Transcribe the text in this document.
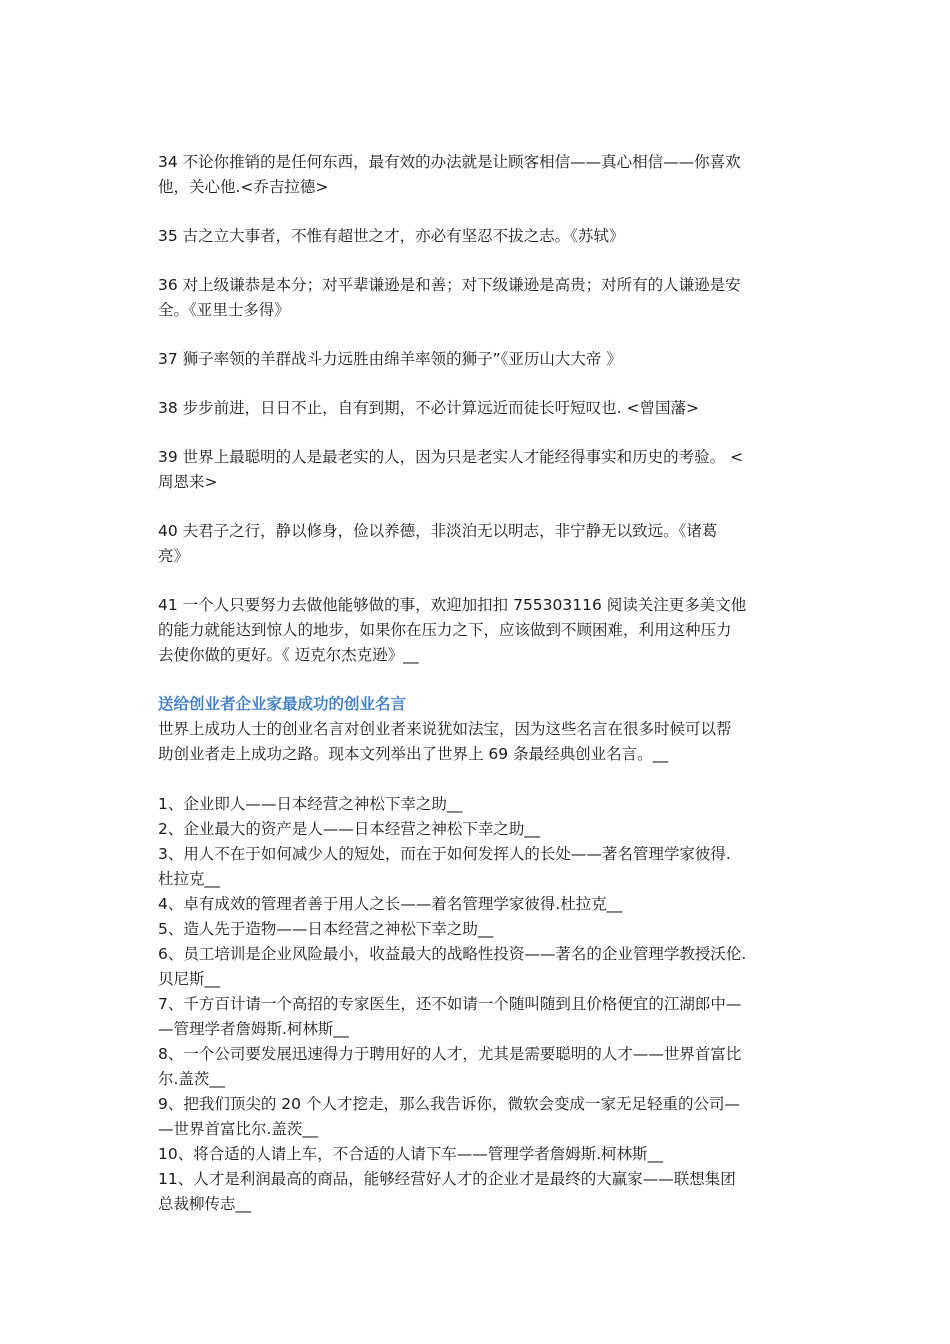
34 不论你推销的是任何东西，最有效的办法就是让顾客相信——真心相信——你喜欢
他，关心他.<乔吉拉德>

35 古之立大事者，不惟有超世之才，亦必有坚忍不拔之志。《苏轼》

36 对上级谦恭是本分；对平辈谦逊是和善；对下级谦逊是高贵；对所有的人谦逊是安
全。《亚里士多得》

37 狮子率领的羊群战斗力远胜由绵羊率领的狮子”《亚历山大大帝 》

38 步步前进，日日不止，自有到期，不必计算远近而徒长吁短叹也. <曾国藩>

39 世界上最聪明的人是最老实的人，因为只是老实人才能经得事实和历史的考验。 <
周恩来>

40 夫君子之行，静以修身，俭以养德，非淡泊无以明志，非宁静无以致远。《诸葛
亮》

41 一个人只要努力去做他能够做的事，欢迎加扣扣 755303116 阅读关注更多美文他
的能力就能达到惊人的地步，如果你在压力之下，应该做到不顾困难，利用这种压力
去使你做的更好。《 迈克尔杰克逊》__

送给创业者企业家最成功的创业名言

世界上成功人士的创业名言对创业者来说犹如法宝，因为这些名言在很多时候可以帮
助创业者走上成功之路。现本文列举出了世界上 69 条最经典创业名言。__

1、企业即人——日本经营之神松下幸之助__

2、企业最大的资产是人——日本经营之神松下幸之助__

3、用人不在于如何减少人的短处，而在于如何发挥人的长处——著名管理学家彼得.
杜拉克__

4、卓有成效的管理者善于用人之长——着名管理学家彼得.杜拉克__

5、造人先于造物——日本经营之神松下幸之助__

6、员工培训是企业风险最小，收益最大的战略性投资——著名的企业管理学教授沃伦.
贝尼斯__

7、千方百计请一个高招的专家医生，还不如请一个随叫随到且价格便宜的江湖郎中—
—管理学者詹姆斯.柯林斯__

8、一个公司要发展迅速得力于聘用好的人才，尤其是需要聪明的人才——世界首富比
尔.盖茨__

9、把我们顶尖的 20 个人才挖走，那么我告诉你，微软会变成一家无足轻重的公司—
—世界首富比尔.盖茨__

10、将合适的人请上车，不合适的人请下车——管理学者詹姆斯.柯林斯__

11、人才是利润最高的商品，能够经营好人才的企业才是最终的大赢家——联想集团
总裁柳传志__
